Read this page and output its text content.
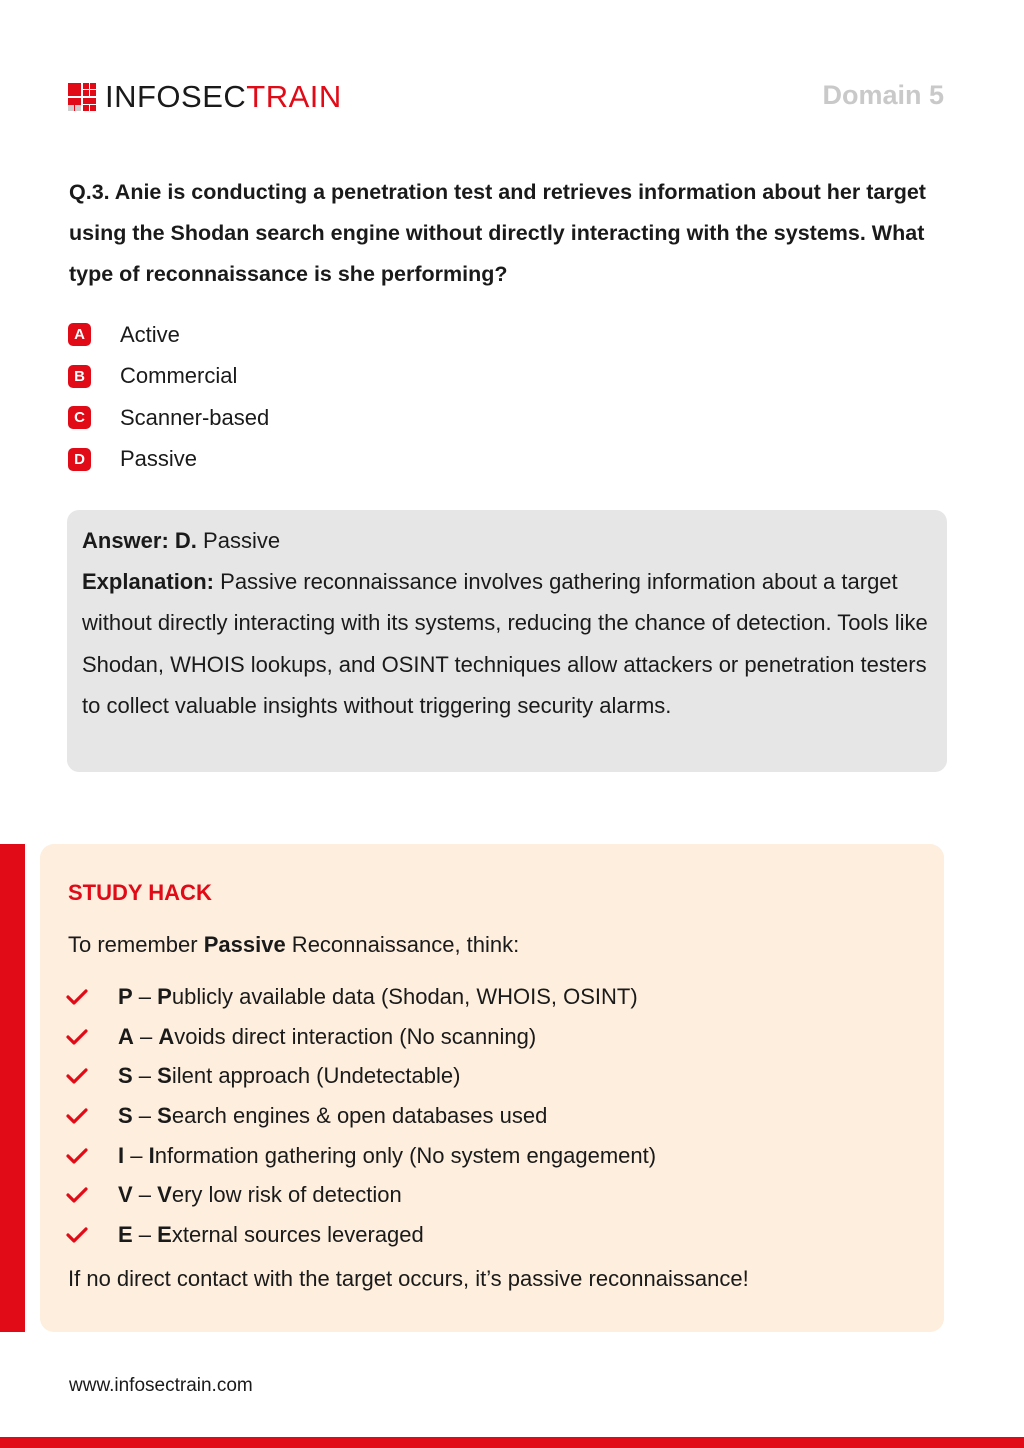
INFOSECTRAIN	Domain 5
Q.3. Anie is conducting a penetration test and retrieves information about her target using the Shodan search engine without directly interacting with the systems. What type of reconnaissance is she performing?
A Active
B Commercial
C Scanner-based
D Passive
Answer: D. Passive
Explanation: Passive reconnaissance involves gathering information about a target without directly interacting with its systems, reducing the chance of detection. Tools like Shodan, WHOIS lookups, and OSINT techniques allow attackers or penetration testers to collect valuable insights without triggering security alarms.
STUDY HACK
To remember Passive Reconnaissance, think:
P – Publicly available data (Shodan, WHOIS, OSINT)
A – Avoids direct interaction (No scanning)
S – Silent approach (Undetectable)
S – Search engines & open databases used
I – Information gathering only (No system engagement)
V – Very low risk of detection
E – External sources leveraged
If no direct contact with the target occurs, it’s passive reconnaissance!
www.infosectrain.com
